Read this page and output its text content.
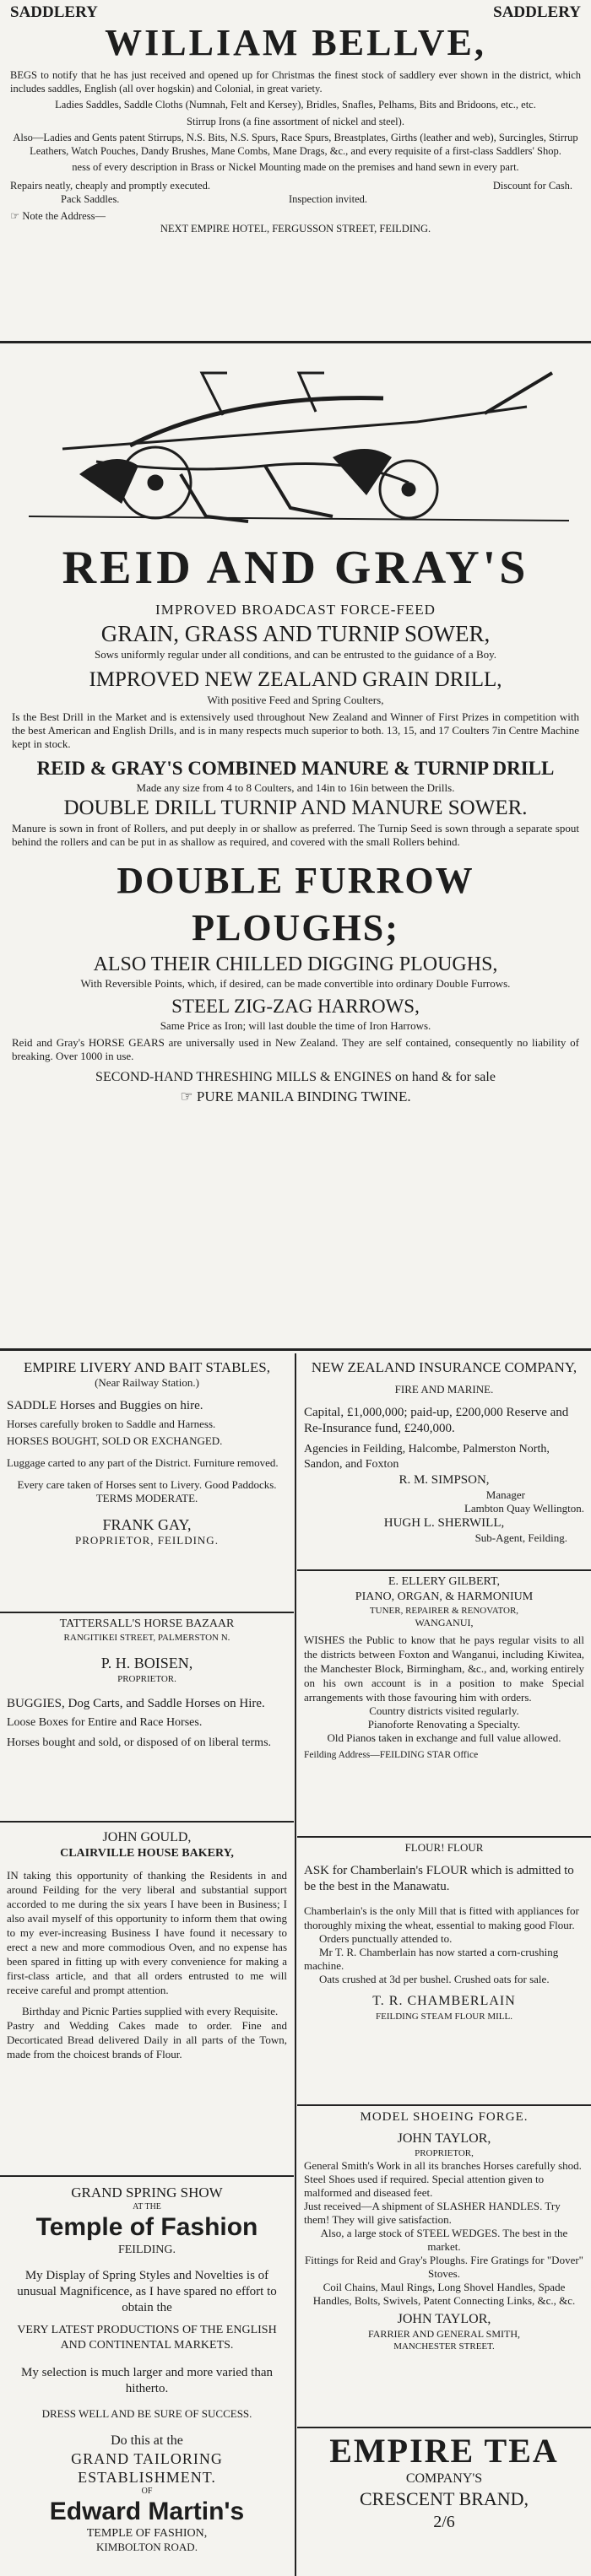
SADDLERY	SADDLERY
WILLIAM BELLVE,

BEGS to notify that he has just received and opened up for Christmas the finest stock of saddlery ever shown in the district, which includes saddles, English (all over hogskin) and Colonial, in great variety.

Ladies Saddles, Saddle Cloths (Numnah, Felt and Kersey), Bridles, Snafles, Pelhams, Bits and Bridoons, etc., etc.

Stirrup Irons (a fine assortment of nickel and steel).

Also—Ladies and Gents patent Stirrups, N.S. Bits, N.S. Spurs, Race Spurs, Breastplates, Girths (leather and web), Surcingles, Stirrup Leathers, Watch Pouches, Dandy Brushes, Mane Combs, Mane Drags, &c., and every requisite of a first-class Saddlers' Shop.

ness of every description in Brass or Nickel Mounting made on the premises and hand sewn in every part.

Repairs neatly, cheaply and promptly executed.	Discount for Cash.
Pack Saddles.	Inspection invited.
☞ Note the Address—

NEXT EMPIRE HOTEL, FERGUSSON STREET, FEILDING.

REID AND GRAY'S

IMPROVED BROADCAST FORCE-FEED

GRAIN, GRASS AND TURNIP SOWER,

Sows uniformly regular under all conditions, and can be entrusted to the guidance of a Boy.

IMPROVED NEW ZEALAND GRAIN DRILL,

With positive Feed and Spring Coulters,

Is the Best Drill in the Market and is extensively used throughout New Zealand and Winner of First Prizes in competition with the best American and English Drills, and is in many respects much superior to both. 13, 15, and 17 Coulters 7in Centre Machine kept in stock.

REID & GRAY'S COMBINED MANURE & TURNIP DRILL

Made any size from 4 to 8 Coulters, and 14in to 16in between the Drills.

DOUBLE DRILL TURNIP AND MANURE SOWER.

Manure is sown in front of Rollers, and put deeply in or shallow as preferred. The Turnip Seed is sown through a separate spout behind the rollers and can be put in as shallow as required, and covered with the small Rollers behind.

DOUBLE FURROW PLOUGHS;

ALSO THEIR CHILLED DIGGING PLOUGHS,

With Reversible Points, which, if desired, can be made convertible into ordinary Double Furrows.

STEEL ZIG-ZAG HARROWS,

Same Price as Iron; will last double the time of Iron Harrows.

Reid and Gray's HORSE GEARS are universally used in New Zealand. They are self contained, consequently no liability of breaking. Over 1000 in use.

SECOND-HAND THRESHING MILLS & ENGINES on hand & for sale

☞ PURE MANILA BINDING TWINE.

EMPIRE LIVERY AND BAIT STABLES,

(Near Railway Station.)

SADDLE Horses and Buggies on hire.

Horses carefully broken to Saddle and Harness.

HORSES BOUGHT, SOLD OR EXCHANGED.

Luggage carted to any part of the District. Furniture removed.

Every care taken of Horses sent to Livery. Good Paddocks.

TERMS MODERATE.

FRANK GAY,

PROPRIETOR, FEILDING.

TATTERSALL'S HORSE BAZAAR

RANGITIKEI STREET, PALMERSTON N.

P. H. BOISEN,

PROPRIETOR.

BUGGIES, Dog Carts, and Saddle Horses on Hire.

Loose Boxes for Entire and Race Horses.

Horses bought and sold, or disposed of on liberal terms.

JOHN GOULD,

CLAIRVILLE HOUSE BAKERY,

IN taking this opportunity of thanking the Residents in and around Feilding for the very liberal and substantial support accorded to me during the six years I have been in Business; I also avail myself of this opportunity to inform them that owing to my ever-increasing Business I have found it necessary to erect a new and more commodious Oven, and no expense has been spared in fitting up with every convenience for making a first-class article, and that all orders entrusted to me will receive careful and prompt attention.

Birthday and Picnic Parties supplied with every Requisite.

Pastry and Wedding Cakes made to order. Fine and Decorticated Bread delivered Daily in all parts of the Town, made from the choicest brands of Flour.

GRAND SPRING SHOW

AT THE

Temple of Fashion

FEILDING.

My Display of Spring Styles and Novelties is of unusual Magnificence, as I have spared no effort to obtain the

VERY LATEST PRODUCTIONS OF THE ENGLISH AND CONTINENTAL MARKETS.

My selection is much larger and more varied than hitherto.

DRESS WELL AND BE SURE OF SUCCESS.

Do this at the

GRAND TAILORING ESTABLISHMENT.

OF

Edward Martin's

TEMPLE OF FASHION,

KIMBOLTON ROAD.

NEW ZEALAND INSURANCE COMPANY,

FIRE AND MARINE.

Capital, £1,000,000; paid-up, £200,000 Reserve and Re-Insurance fund, £240,000.

Agencies in Feilding, Halcombe, Palmerston North, Sandon, and Foxton

R. M. SIMPSON,

Manager

Lambton Quay Wellington.

HUGH L. SHERWILL,

Sub-Agent, Feilding.

E. ELLERY GILBERT,

PIANO, ORGAN, & HARMONIUM

TUNER, REPAIRER & RENOVATOR,

WANGANUI,

WISHES the Public to know that he pays regular visits to all the districts between Foxton and Wanganui, including Kiwitea, the Manchester Block, Birmingham, &c., and, working entirely on his own account is in a position to make Special arrangements with those favouring him with orders.

Country districts visited regularly.

Pianoforte Renovating a Specialty.

Old Pianos taken in exchange and full value allowed.

Feilding Address—FEILDING STAR Office

FLOUR! FLOUR

ASK for Chamberlain's FLOUR which is admitted to be the best in the Manawatu.

Chamberlain's is the only Mill that is fitted with appliances for thoroughly mixing the wheat, essential to making good Flour.

Orders punctually attended to.

Mr T. R. Chamberlain has now started a corn-crushing machine.

Oats crushed at 3d per bushel. Crushed oats for sale.

T. R. CHAMBERLAIN

FEILDING STEAM FLOUR MILL.

MODEL SHOEING FORGE.

JOHN TAYLOR,

PROPRIETOR,

General Smith's Work in all its branches Horses carefully shod. Steel Shoes used if required. Special attention given to malformed and diseased feet.

Just received—A shipment of SLASHER HANDLES. Try them! They will give satisfaction.

Also, a large stock of STEEL WEDGES. The best in the market.

Fittings for Reid and Gray's Ploughs. Fire Gratings for "Dover" Stoves.

Coil Chains, Maul Rings, Long Shovel Handles, Spade Handles, Bolts, Swivels, Patent Connecting Links, &c., &c.

JOHN TAYLOR,

FARRIER AND GENERAL SMITH,

MANCHESTER STREET.

EMPIRE TEA

COMPANY'S

CRESCENT BRAND,

2/6
